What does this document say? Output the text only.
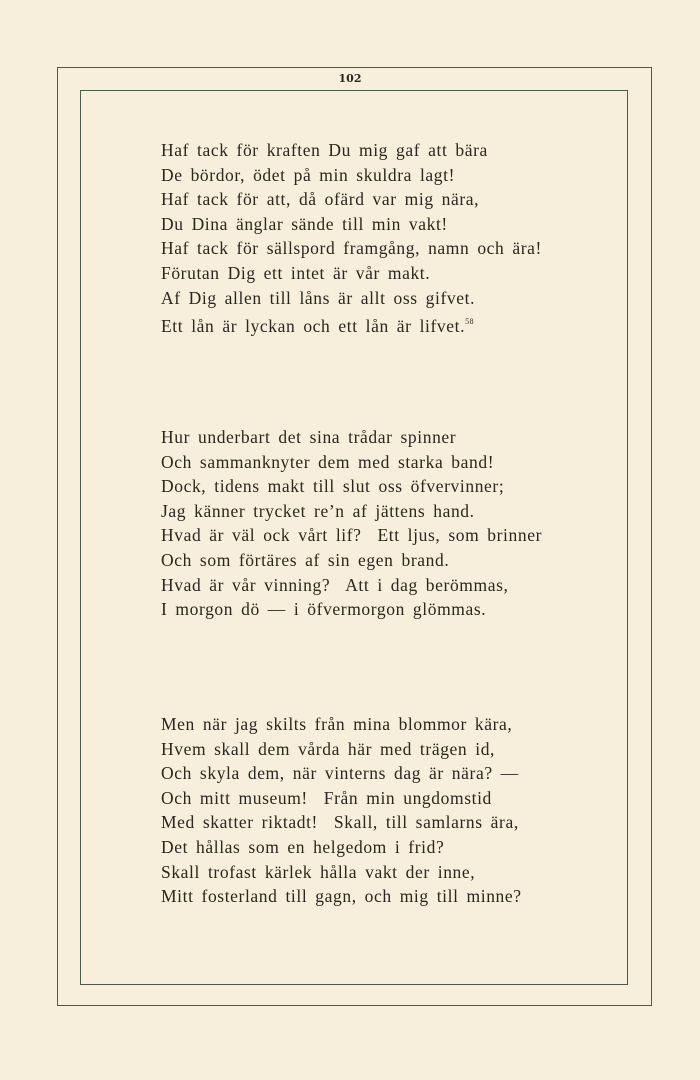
102
Haf tack för kraften Du mig gaf att bära
De bördor, ödet på min skuldra lagt!
Haf tack för att, då ofärd var mig nära,
Du Dina änglar sände till min vakt!
Haf tack för sällspord framgång, namn och ära!
Förutan Dig ett intet är vår makt.
Af Dig allen till låns är allt oss gifvet.
Ett lån är lyckan och ett lån är lifvet.$^{58}$
Hur underbart det sina trådar spinner
Och sammanknyter dem med starka band!
Dock, tidens makt till slut oss öfvervinner;
Jag känner trycket re’n af jättens hand.
Hvad är väl ock vårt lif?  Ett ljus, som brinner
Och som förtäres af sin egen brand.
Hvad är vår vinning?  Att i dag berömmas,
I morgon dö — i öfvermorgon glömmas.
Men när jag skilts från mina blommor kära,
Hvem skall dem vårda här med trägen id,
Och skyla dem, när vinterns dag är nära? —
Och mitt museum!  Från min ungdomstid
Med skatter riktadt!  Skall, till samlarns ära,
Det hållas som en helgedom i frid?
Skall trofast kärlek hålla vakt der inne,
Mitt fosterland till gagn, och mig till minne?
